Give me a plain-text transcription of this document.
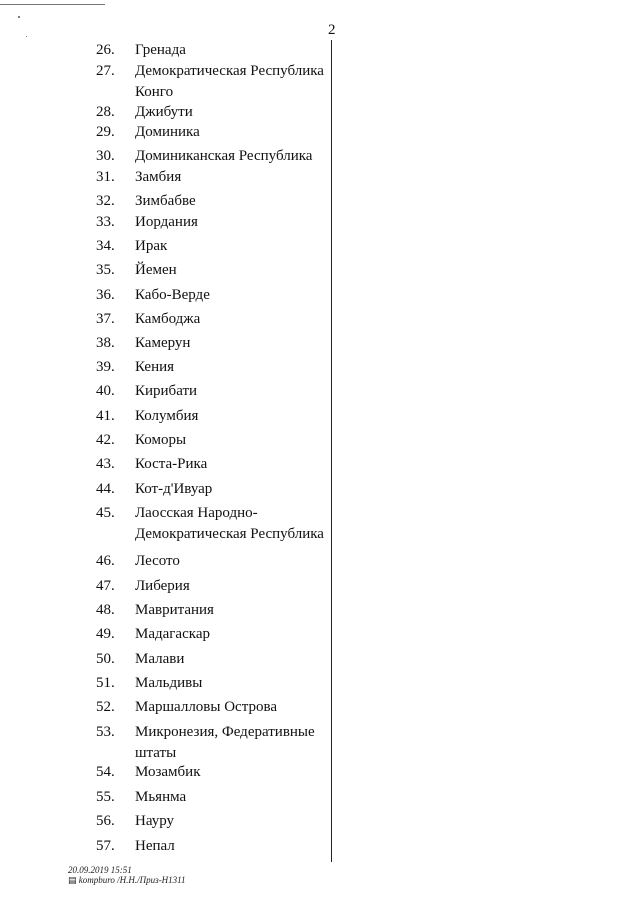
2
26. Гренада
27. Демократическая Республика
Конго
28. Джибути
29. Доминика
30. Доминиканская Республика
31. Замбия
32. Зимбабве
33. Иордания
34. Ирак
35. Йемен
36. Кабо-Верде
37. Камбоджа
38. Камерун
39. Кения
40. Кирибати
41. Колумбия
42. Коморы
43. Коста-Рика
44. Кот-д'Ивуар
45. Лаосская Народно-
Демократическая Республика
46. Лесото
47. Либерия
48. Мавритания
49. Мадагаскар
50. Малави
51. Мальдивы
52. Маршалловы Острова
53. Микронезия, Федеративные
штаты
54. Мозамбик
55. Мьянма
56. Науру
57. Непал
20.09.2019 15:51
▤ kompburo /Н.Н./Приз-Н1311
